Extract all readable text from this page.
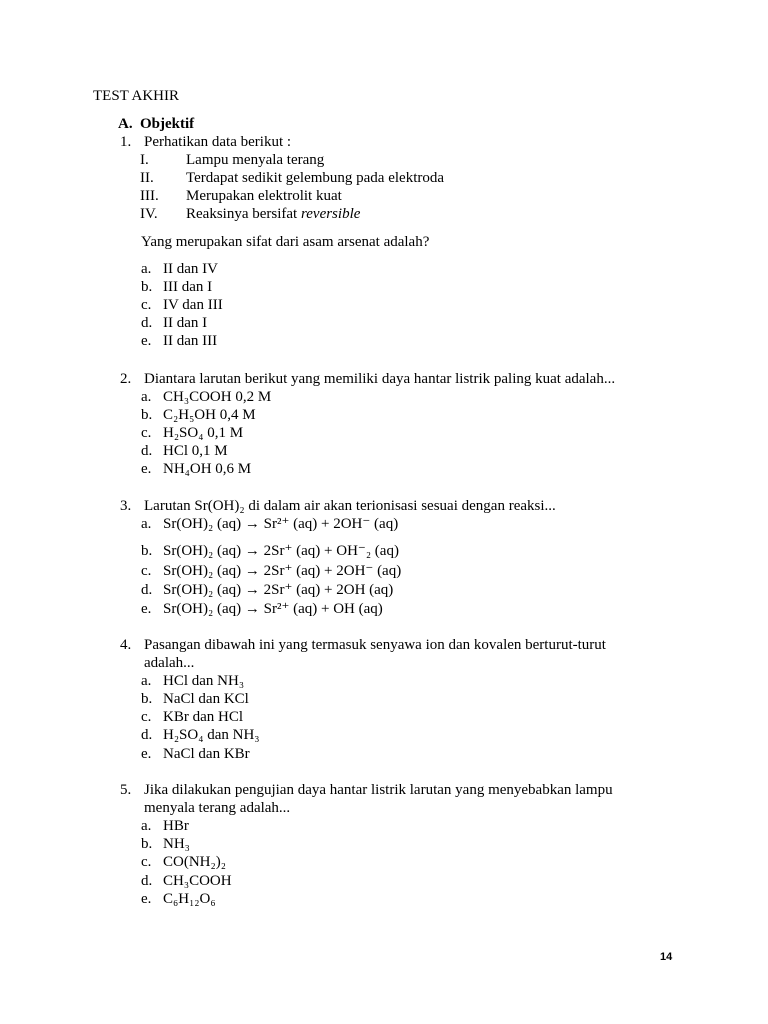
TEST AKHIR
A. Objektif
1. Perhatikan data berikut :
I. Lampu menyala terang
II. Terdapat sedikit gelembung pada elektroda
III. Merupakan elektrolit kuat
IV. Reaksinya bersifat reversible
Yang merupakan sifat dari asam arsenat adalah?
a. II dan IV
b. III dan I
c. IV dan III
d. II dan I
e. II dan III
2. Diantara larutan berikut yang memiliki daya hantar listrik paling kuat adalah...
a. CH₃COOH 0,2 M
b. C₂H₅OH 0,4 M
c. H₂SO₄ 0,1 M
d. HCl 0,1 M
e. NH₄OH 0,6 M
3. Larutan Sr(OH)₂ di dalam air akan terionisasi sesuai dengan reaksi...
a. Sr(OH)₂ (aq) → Sr²⁺ (aq) + 2OH⁻ (aq)
b. Sr(OH)₂ (aq) → 2Sr⁺ (aq) + OH⁻₂ (aq)
c. Sr(OH)₂ (aq) → 2Sr⁺ (aq) + 2OH⁻ (aq)
d. Sr(OH)₂ (aq) → 2Sr⁺ (aq) + 2OH (aq)
e. Sr(OH)₂ (aq) → Sr²⁺ (aq) + OH (aq)
4. Pasangan dibawah ini yang termasuk senyawa ion dan kovalen berturut-turut
adalah...
a. HCl dan NH₃
b. NaCl dan KCl
c. KBr dan HCl
d. H₂SO₄ dan NH₃
e. NaCl dan KBr
5. Jika dilakukan pengujian daya hantar listrik larutan yang menyebabkan lampu
menyala terang adalah...
a. HBr
b. NH₃
c. CO(NH₂)₂
d. CH₃COOH
e. C₆H₁₂O₆
14
